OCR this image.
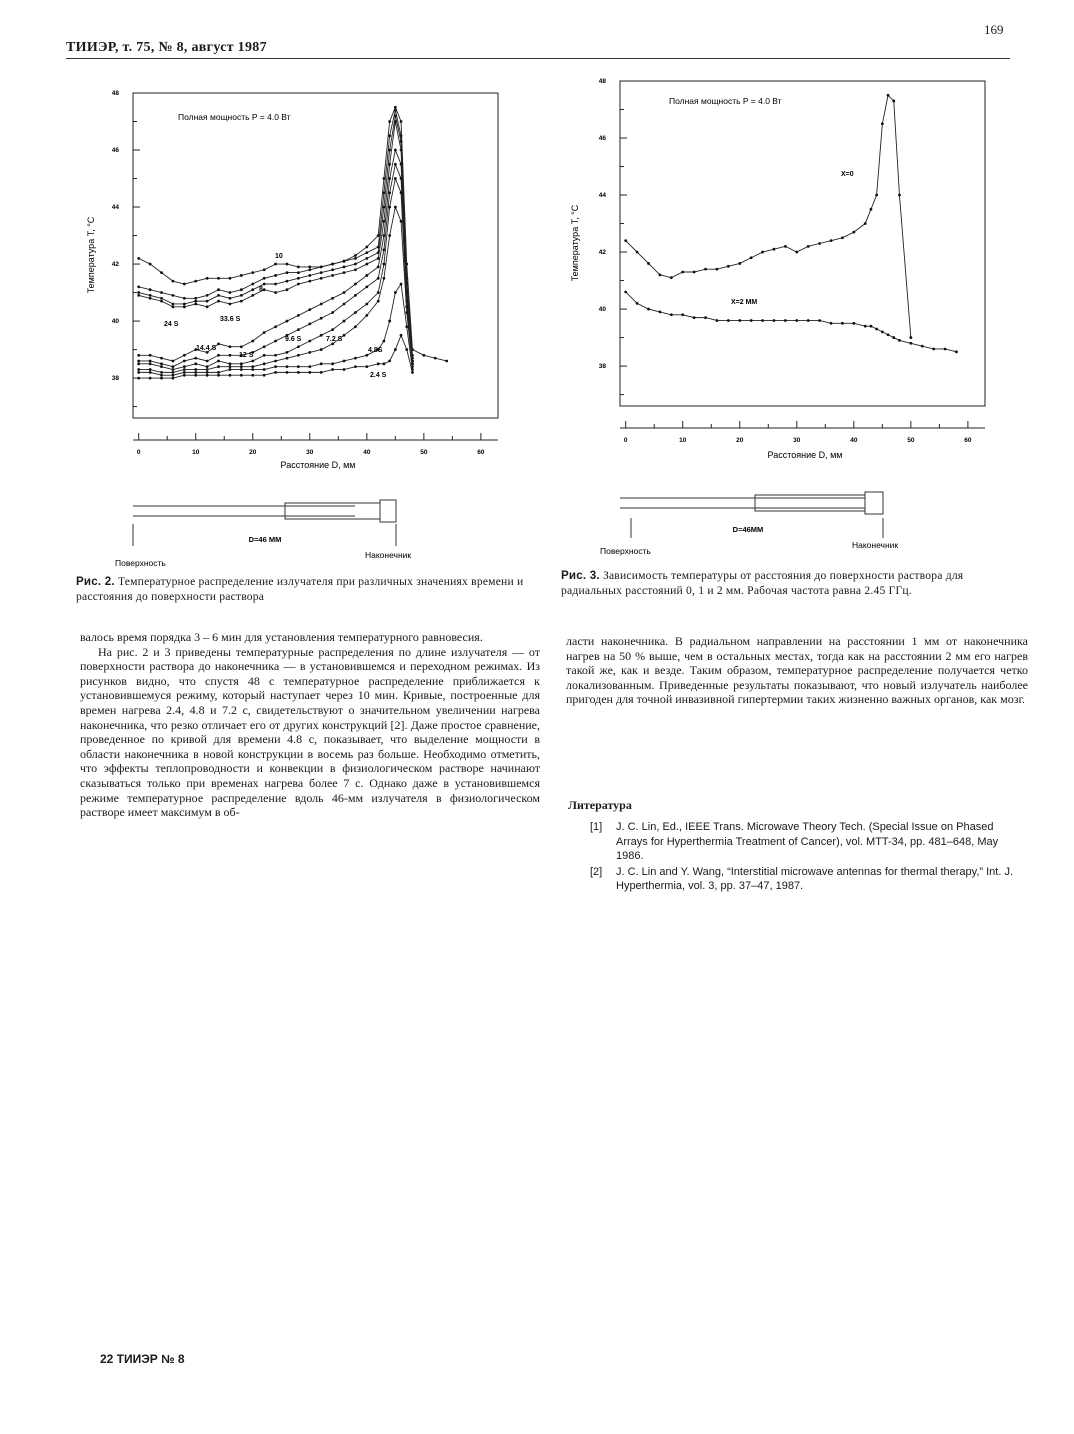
ТИИЭР, т. 75, № 8, август 1987
169
38
40
42
44
46
48
0	10	20	30	40	50	60
Полная мощность P = 4.0 Вт
Температура T, °C
Расстояние D, мм
10
8
24 S
33.6 S
14.4 S
12 S
9.6 S	7.2 S
4.8S
2.4 S
D=46 ММ
Поверхность
Наконечник
Рис. 2. Температурное распределение излучателя при различных значениях времени и расстояния до поверхности раствора
38
40
42
44
46
48
0	10	20	30	40	50	60
Полная мощность P = 4.0 Вт
Температура T, °C
Расстояние D, мм
X=0
X=2 ММ
D=46ММ
Поверхность
Наконечник
Рис. 3. Зависимость температуры от расстояния до поверхности раствора для радиальных расстояний 0, 1 и 2 мм. Рабочая частота равна 2.45 ГГц.

валось время порядка 3 – 6 мин для установления температурного равновесия.

На рис. 2 и 3 приведены температурные распределения по длине излучателя — от поверхности раствора до наконечника — в установившемся и переходном режимах. Из рисунков видно, что спустя 48 с температурное распределение приближается к установившемуся режиму, который наступает через 10 мин. Кривые, построенные для времен нагрева 2.4, 4.8 и 7.2 с, свидетельствуют о значительном увеличении нагрева наконечника, что резко отличает его от других конструкций [2]. Даже простое сравнение, проведенное по кривой для времени 4.8 с, показывает, что выделение мощности в области наконечника в новой конструкции в восемь раз больше. Необходимо отметить, что эффекты теплопроводности и конвекции в физиологическом растворе начинают сказываться только при временах нагрева более 7 с. Однако даже в установившемся режиме температурное распределение вдоль 46-мм излучателя в физиологическом растворе имеет максимум в об-

ласти наконечника. В радиальном направлении на расстоянии 1 мм от наконечника нагрев на 50 % выше, чем в остальных местах, тогда как на расстоянии 2 мм его нагрев такой же, как и везде. Таким образом, температурное распределение получается четко локализованным. Приведенные результаты показывают, что новый излучатель наиболее пригоден для точной инвазивной гипертермии таких жизненно важных органов, как мозг.

Литература
[1]	J. C. Lin, Ed., IEEE Trans. Microwave Theory Tech. (Special Issue on Phased Arrays for Hyperthermia Treatment of Cancer), vol. MTT-34, pp. 481–648, May 1986.
[2]	J. C. Lin and Y. Wang, “Interstitial microwave antennas for thermal therapy,” Int. J. Hyperthermia, vol. 3, pp. 37–47, 1987.
22 ТИИЭР № 8
